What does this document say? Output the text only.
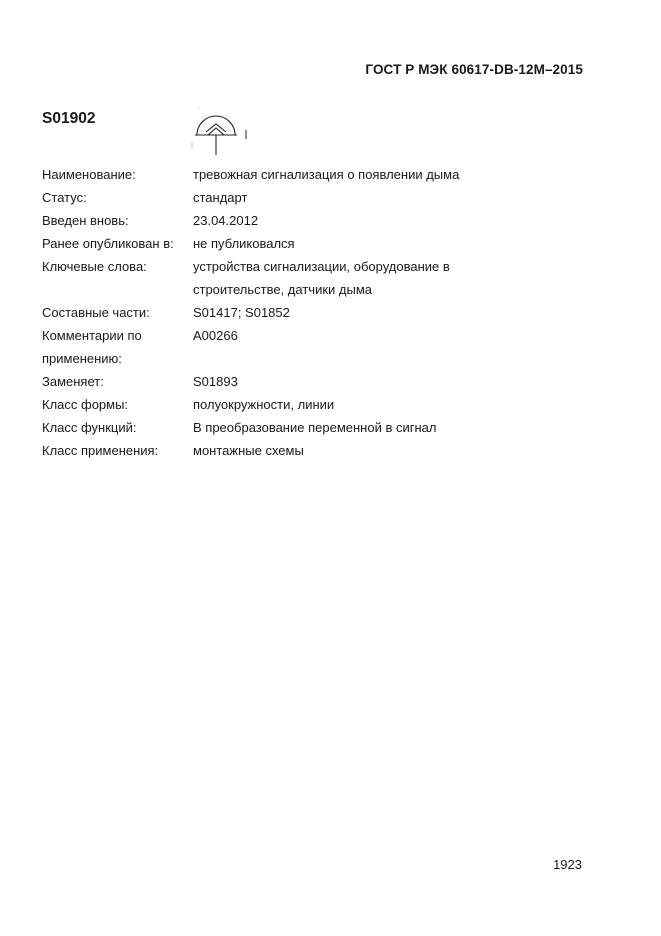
ГОСТ Р МЭК 60617-DB-12M–2015
S01902
Наименование:	тревожная сигнализация о появлении дыма
Статус:	стандарт
Введен вновь:	23.04.2012
Ранее опубликован в:	не публиковался
Ключевые слова:	устройства сигнализации, оборудование в
строительстве, датчики дыма
Составные части:	S01417; S01852
Комментарии по	A00266
применению:
Заменяет:	S01893
Класс формы:	полуокружности, линии
Класс функций:	В преобразование переменной в сигнал
Класс применения:	монтажные схемы
1923
